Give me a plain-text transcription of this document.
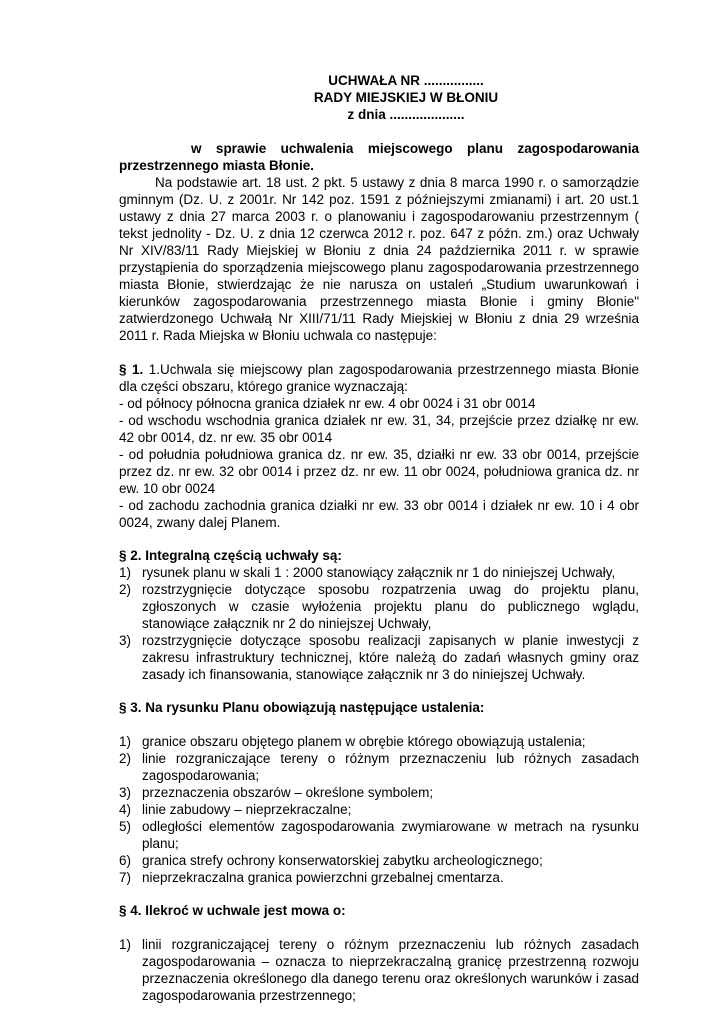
UCHWAŁA NR ................
RADY MIEJSKIEJ W BŁONIU
z dnia ....................
w sprawie uchwalenia miejscowego planu zagospodarowania przestrzennego miasta Błonie.

Na podstawie art. 18 ust. 2 pkt. 5 ustawy z dnia 8 marca 1990 r. o samorządzie gminnym (Dz. U. z 2001r. Nr 142 poz. 1591 z późniejszymi zmianami) i art. 20 ust.1 ustawy z dnia 27 marca 2003 r. o planowaniu i zagospodarowaniu przestrzennym ( tekst jednolity - Dz. U. z dnia 12 czerwca 2012 r. poz. 647 z późn. zm.) oraz Uchwały Nr XIV/83/11 Rady Miejskiej w Błoniu z dnia 24 października 2011 r. w sprawie przystąpienia do sporządzenia miejscowego planu zagospodarowania przestrzennego miasta Błonie, stwierdzając że nie narusza on ustaleń „Studium uwarunkowań i kierunków zagospodarowania przestrzennego miasta Błonie i gminy Błonie" zatwierdzonego Uchwałą Nr XIII/71/11 Rady Miejskiej w Błoniu z dnia 29 września 2011 r. Rada Miejska w Błoniu uchwala co następuje:

§ 1. 1.Uchwala się miejscowy plan zagospodarowania przestrzennego miasta Błonie dla części obszaru, którego granice wyznaczają:

- od północy północna granica działek nr ew. 4 obr 0024 i 31 obr 0014

- od wschodu wschodnia granica działek nr ew. 31, 34, przejście przez działkę nr ew. 42 obr 0014, dz. nr ew. 35 obr 0014

- od południa południowa granica dz. nr ew. 35, działki nr ew. 33 obr 0014, przejście przez dz. nr ew. 32 obr 0014 i przez dz. nr ew. 11 obr 0024, południowa granica dz. nr ew. 10 obr 0024

- od zachodu zachodnia granica działki nr ew. 33 obr 0014 i działek nr ew. 10 i 4 obr 0024, zwany dalej Planem.

§ 2. Integralną częścią uchwały są:
1) rysunek planu w skali 1 : 2000 stanowiący załącznik nr 1 do niniejszej Uchwały,
2) rozstrzygnięcie dotyczące sposobu rozpatrzenia uwag do projektu planu, zgłoszonych w czasie wyłożenia projektu planu do publicznego wglądu, stanowiące załącznik nr 2 do niniejszej Uchwały,
3) rozstrzygnięcie dotyczące sposobu realizacji zapisanych w planie inwestycji z zakresu infrastruktury technicznej, które należą do zadań własnych gminy oraz zasady ich finansowania, stanowiące załącznik nr 3 do niniejszej Uchwały.
§ 3. Na rysunku Planu obowiązują następujące ustalenia:
1) granice obszaru objętego planem w obrębie którego obowiązują ustalenia;
2) linie rozgraniczające tereny o różnym przeznaczeniu lub różnych zasadach zagospodarowania;
3) przeznaczenia obszarów – określone symbolem;
4) linie zabudowy – nieprzekraczalne;
5) odległości elementów zagospodarowania zwymiarowane w metrach na rysunku planu;
6) granica strefy ochrony konserwatorskiej zabytku archeologicznego;
7) nieprzekraczalna granica powierzchni grzebalnej cmentarza.
§ 4. Ilekroć w uchwale jest mowa o:
1) linii rozgraniczającej tereny o różnym przeznaczeniu lub różnych zasadach zagospodarowania – oznacza to nieprzekraczalną granicę przestrzenną rozwoju przeznaczenia określonego dla danego terenu oraz określonych warunków i zasad zagospodarowania przestrzennego;
